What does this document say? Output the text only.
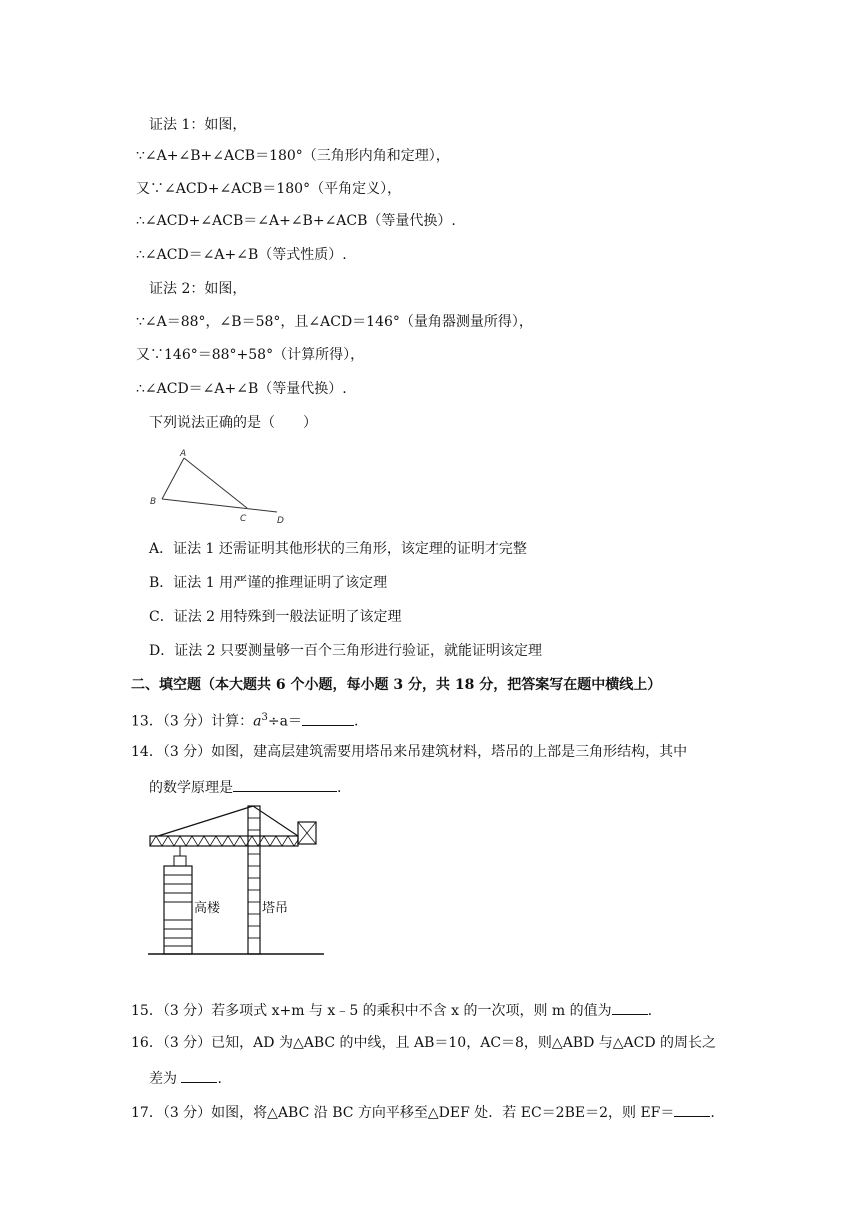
证法 1：如图，
∵∠A+∠B+∠ACB＝180°（三角形内角和定理），
又∵∠ACD+∠ACB＝180°（平角定义），
∴∠ACD+∠ACB＝∠A+∠B+∠ACB（等量代换）.
∴∠ACD＝∠A+∠B（等式性质）.
证法 2：如图，
∵∠A＝88°，∠B＝58°，且∠ACD＝146°（量角器测量所得），
又∵146°＝88°+58°（计算所得），
∴∠ACD＝∠A+∠B（等量代换）.
下列说法正确的是（　　）
A
B
C	D
A．证法 1 还需证明其他形状的三角形，该定理的证明才完整
B．证法 1 用严谨的推理证明了该定理
C．证法 2 用特殊到一般法证明了该定理
D．证法 2 只要测量够一百个三角形进行验证，就能证明该定理
二、填空题（本大题共 6 个小题，每小题 3 分，共 18 分，把答案写在题中横线上）
13．（3 分）计算：$a^3\div a=$	.
14．（3 分）如图，建高层建筑需要用塔吊来吊建筑材料，塔吊的上部是三角形结构，其中
的数学原理是	.
高楼	塔吊
15．（3 分）若多项式 x+m 与 x﹣5 的乘积中不含 x 的一次项，则 m 的值为	.
16．（3 分）已知，AD 为△ABC 的中线，且 AB＝10，AC＝8，则△ABD 与△ACD 的周长之
差为	.
17．（3 分）如图，将△ABC 沿 BC 方向平移至△DEF 处．若 EC＝2BE＝2，则 EF＝	.
